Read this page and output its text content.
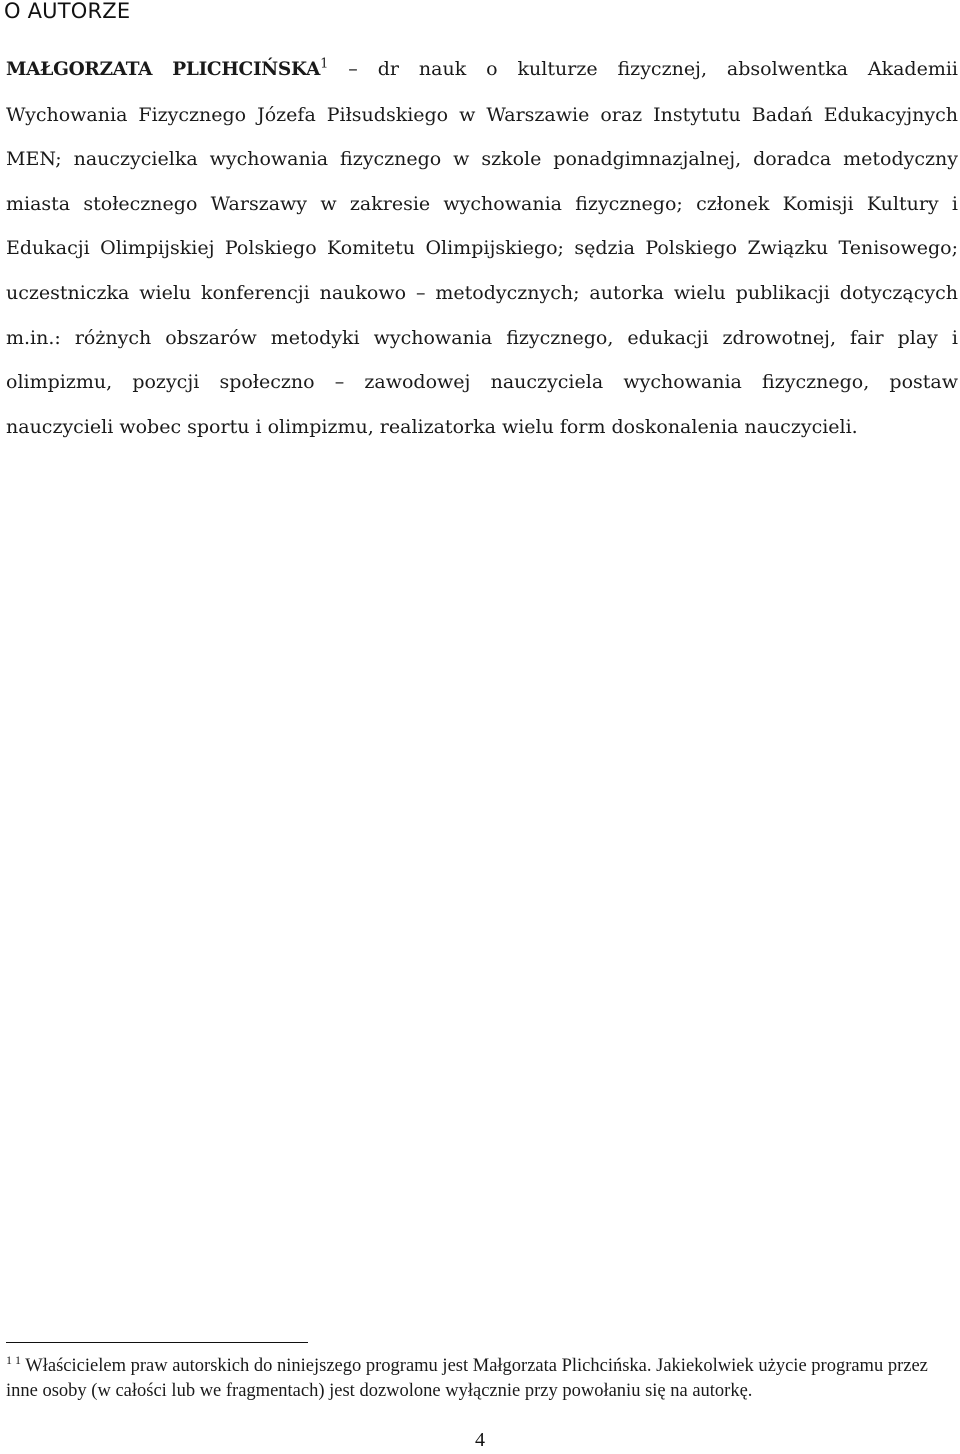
O AUTORZE

MAŁGORZATA PLICHCIŃSKA$^1$ – dr nauk o kulturze fizycznej, absolwentka Akademii Wychowania Fizycznego Józefa Piłsudskiego w Warszawie oraz Instytutu Badań Edukacyjnych MEN; nauczycielka wychowania fizycznego w szkole ponadgimnazjalnej, doradca metodyczny miasta stołecznego Warszawy w zakresie wychowania fizycznego; członek Komisji Kultury i Edukacji Olimpijskiej Polskiego Komitetu Olimpijskiego; sędzia Polskiego Związku Tenisowego; uczestniczka wielu konferencji naukowo – metodycznych; autorka wielu publikacji dotyczących m.in.: różnych obszarów metodyki wychowania fizycznego, edukacji zdrowotnej, fair play i olimpizmu, pozycji społeczno – zawodowej nauczyciela wychowania fizycznego, postaw nauczycieli wobec sportu i olimpizmu, realizatorka wielu form doskonalenia nauczycieli.

$^{1 1}$ Właścicielem praw autorskich do niniejszego programu jest Małgorzata Plichcińska. Jakiekolwiek użycie programu przez inne osoby (w całości lub we fragmentach) jest dozwolone wyłącznie przy powołaniu się na autorkę.

4
